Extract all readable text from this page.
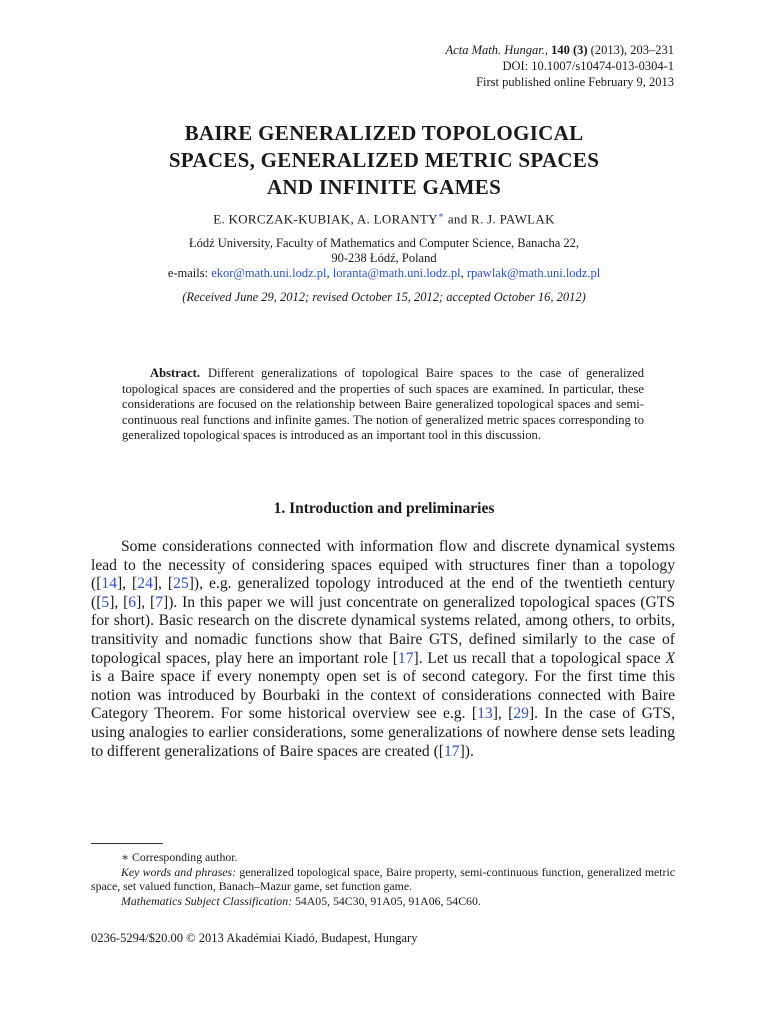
Acta Math. Hungar., 140 (3) (2013), 203–231
DOI: 10.1007/s10474-013-0304-1
First published online February 9, 2013
BAIRE GENERALIZED TOPOLOGICAL
SPACES, GENERALIZED METRIC SPACES
AND INFINITE GAMES
E. KORCZAK-KUBIAK, A. LORANTY∗ and R. J. PAWLAK
Łódź University, Faculty of Mathematics and Computer Science, Banacha 22,
90-238 Łódź, Poland
e-mails: ekor@math.uni.lodz.pl, loranta@math.uni.lodz.pl, rpawlak@math.uni.lodz.pl
(Received June 29, 2012; revised October 15, 2012; accepted October 16, 2012)
Abstract. Different generalizations of topological Baire spaces to the case of generalized topological spaces are considered and the properties of such spaces are examined. In particular, these considerations are focused on the relationship between Baire generalized topological spaces and semi-continuous real functions and infinite games. The notion of generalized metric spaces corresponding to generalized topological spaces is introduced as an important tool in this discussion.
1. Introduction and preliminaries
Some considerations connected with information flow and discrete dynamical systems lead to the necessity of considering spaces equiped with structures finer than a topology ([14], [24], [25]), e.g. generalized topology introduced at the end of the twentieth century ([5], [6], [7]). In this paper we will just concentrate on generalized topological spaces (GTS for short). Basic research on the discrete dynamical systems related, among others, to orbits, transitivity and nomadic functions show that Baire GTS, defined similarly to the case of topological spaces, play here an important role [17]. Let us recall that a topological space X is a Baire space if every nonempty open set is of second category. For the first time this notion was introduced by Bourbaki in the context of considerations connected with Baire Category Theorem. For some historical overview see e.g. [13], [29]. In the case of GTS, using analogies to earlier considerations, some generalizations of nowhere dense sets leading to different generalizations of Baire spaces are created ([17]).

∗ Corresponding author.

Key words and phrases: generalized topological space, Baire property, semi-continuous function, generalized metric space, set valued function, Banach–Mazur game, set function game.

Mathematics Subject Classification: 54A05, 54C30, 91A05, 91A06, 54C60.

0236-5294/$20.00 © 2013 Akadémiai Kiadó, Budapest, Hungary
